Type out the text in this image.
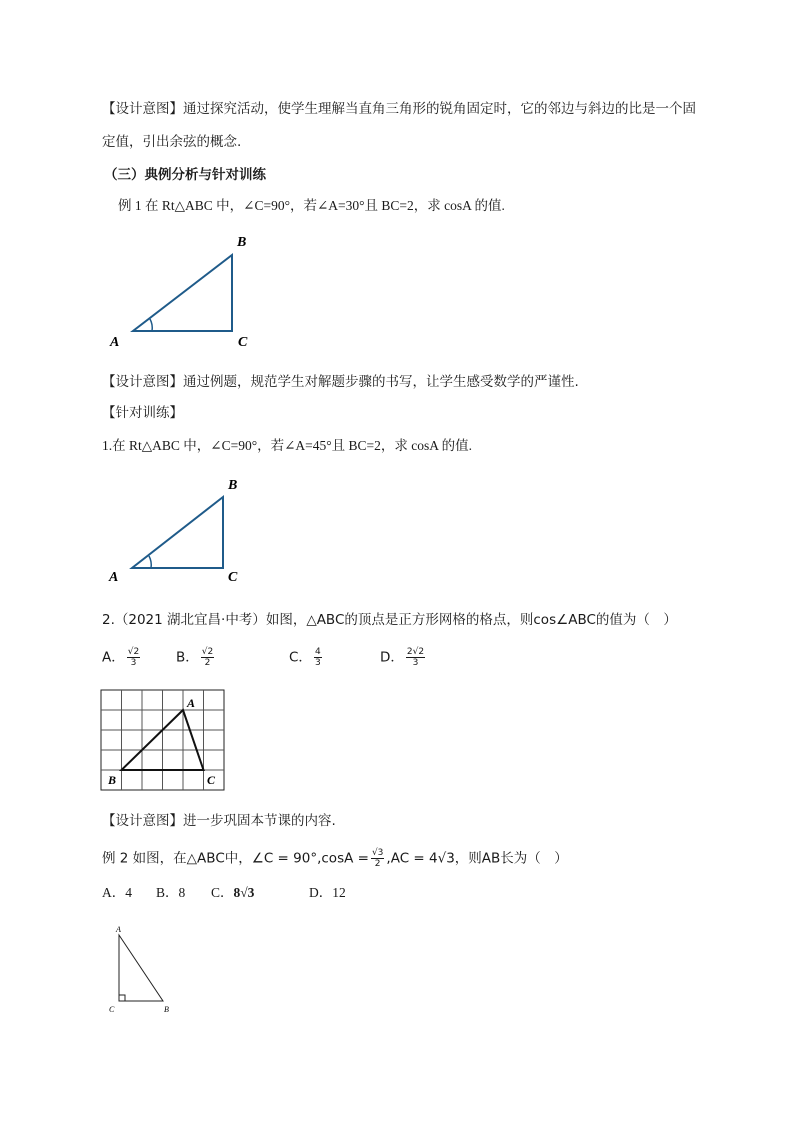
【设计意图】通过探究活动，使学生理解当直角三角形的锐角固定时，它的邻边与斜边的比是一个固
定值，引出余弦的概念.
（三）典例分析与针对训练
例 1 在 Rt△ABC 中，∠C=90°，若∠A=30°且 BC=2，求 cosA 的值.
B
A	C
【设计意图】通过例题，规范学生对解题步骤的书写，让学生感受数学的严谨性.
【针对训练】
1.在 Rt△ABC 中，∠C=90°，若∠A=45°且 BC=2，求 cosA 的值.
B
A	C
2.（2021 湖北宜昌·中考）如图，△ABC的顶点是正方形网格的格点，则cos∠ABC的值为（　）
A． $\frac{√2}{3}$	B． $\frac{√2}{2}$	C． $\frac{4}{3}$	D． $\frac{2√2}{3}$
A
B	C
【设计意图】进一步巩固本节课的内容.
例 2 如图，在△ABC中，∠C = $90^\circ,\cos A = \frac{√3}{2} ,AC = 4√3$，则AB长为（　）
A．4 B．8 C．8√3	D．12
A
C	B
